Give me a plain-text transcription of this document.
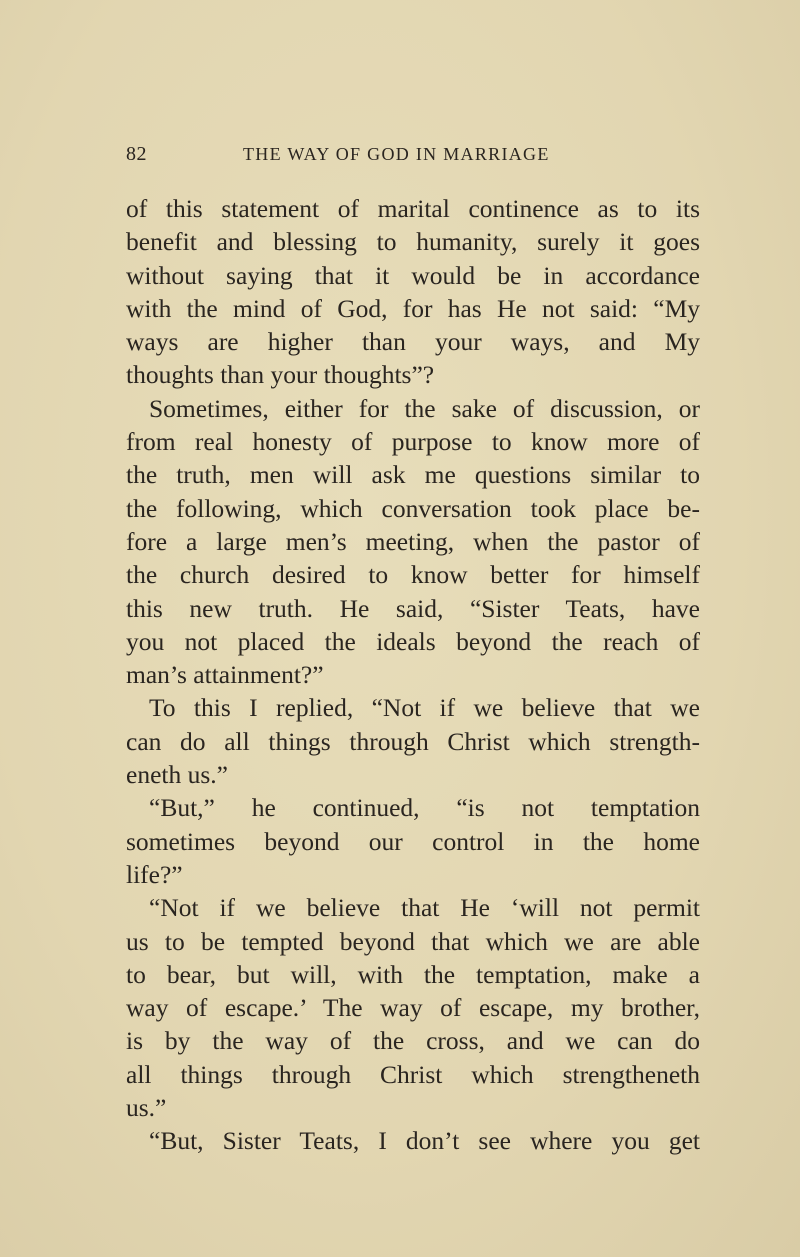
82	THE WAY OF GOD IN MARRIAGE
of this statement of marital continence as to its
benefit and blessing to humanity, surely it goes
without saying that it would be in accordance
with the mind of God, for has He not said: “My
ways are higher than your ways, and My
thoughts than your thoughts”?
Sometimes, either for the sake of discussion, or
from real honesty of purpose to know more of
the truth, men will ask me questions similar to
the following, which conversation took place be-
fore a large men’s meeting, when the pastor of
the church desired to know better for himself
this new truth. He said, “Sister Teats, have
you not placed the ideals beyond the reach of
man’s attainment?”
To this I replied, “Not if we believe that we
can do all things through Christ which strength-
eneth us.”
“But,” he continued, “is not temptation
sometimes beyond our control in the home
life?”
“Not if we believe that He ‘will not permit
us to be tempted beyond that which we are able
to bear, but will, with the temptation, make a
way of escape.’ The way of escape, my brother,
is by the way of the cross, and we can do
all things through Christ which strengtheneth
us.”
“But, Sister Teats, I don’t see where you get
